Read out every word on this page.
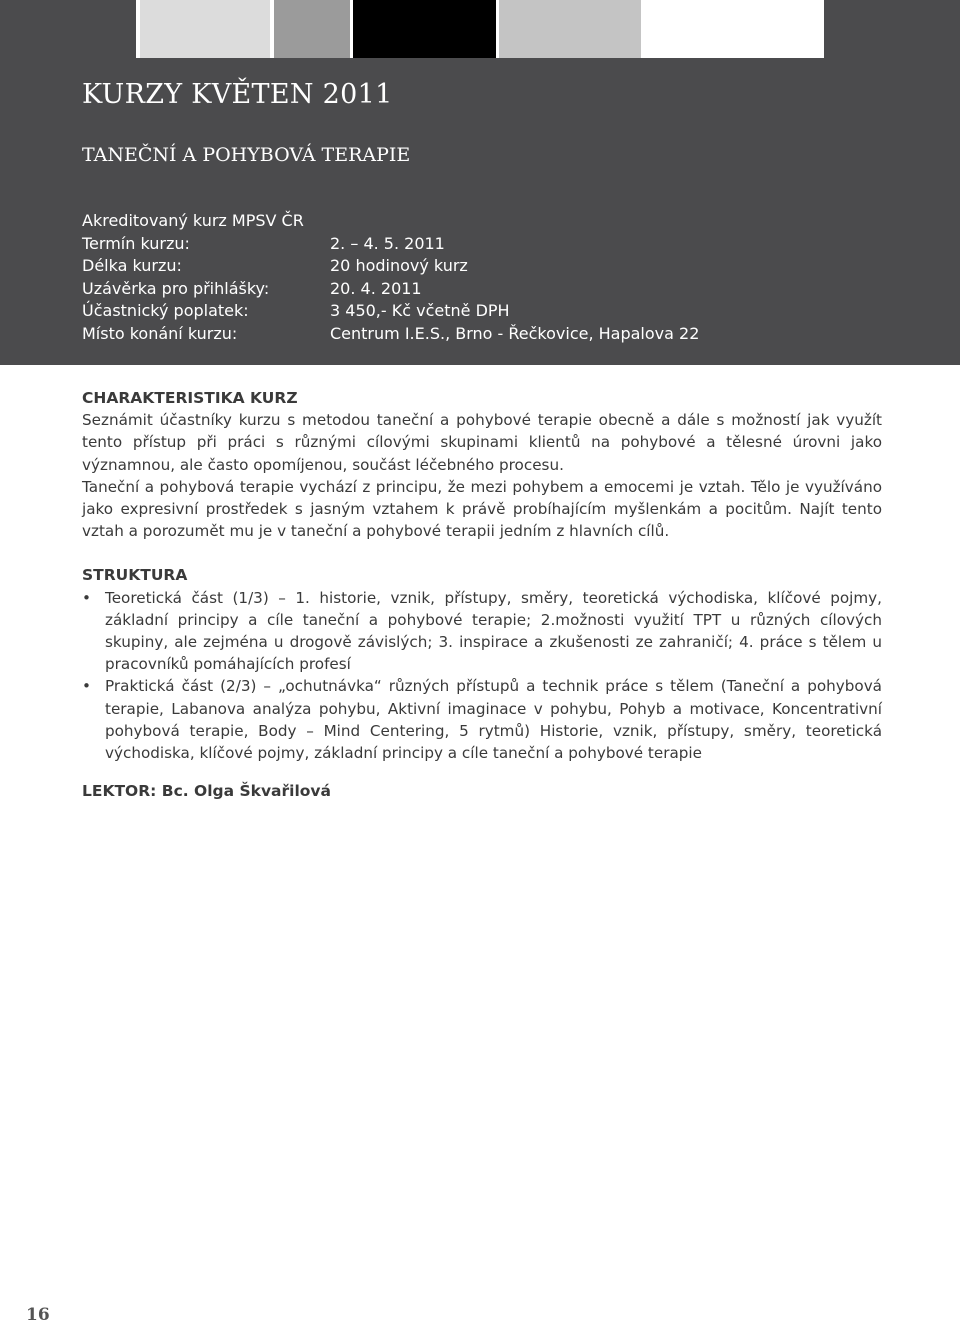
KURZY KVĚTEN 2011
TANEČNÍ A POHYBOVÁ TERAPIE
Akreditovaný kurz MPSV ČR
Termín kurzu:	2. – 4. 5. 2011
Délka kurzu:	20 hodinový kurz
Uzávěrka pro přihlášky:	20. 4. 2011
Účastnický poplatek:	3 450,- Kč včetně DPH
Místo konání kurzu:	Centrum I.E.S., Brno - Řečkovice, Hapalova 22
CHARAKTERISTIKA KURZ

Seznámit účastníky kurzu s metodou taneční a pohybové terapie obecně a dále s možností jak využít tento přístup při práci s různými cílovými skupinami klientů na pohybové a tělesné úrovni jako významnou, ale často opomíjenou, součást léčebného procesu.

Taneční a pohybová terapie vychází z principu, že mezi pohybem a emocemi je vztah. Tělo je využíváno jako expresivní prostředek s jasným vztahem k právě probíhajícím myšlenkám a pocitům. Najít tento vztah a porozumět mu je v taneční a pohybové terapii jedním z hlavních cílů.

STRUKTURA
• Teoretická část (1/3) – 1. historie, vznik, přístupy, směry, teoretická východiska, klíčové pojmy, základní principy a cíle taneční a pohybové terapie; 2.možnosti využití TPT u různých cílových skupiny, ale zejména u drogově závislých; 3. inspirace a zkušenosti ze zahraničí; 4. práce s tělem u pracovníků pomáhajících profesí
• Praktická část (2/3) – „ochutnávka“ různých přístupů a technik práce s tělem (Taneční a pohybová terapie, Labanova analýza pohybu, Aktivní imaginace v pohybu, Pohyb a motivace, Koncentrativní pohybová terapie, Body – Mind Centering, 5 rytmů) Historie, vznik, přístupy, směry, teoretická východiska, klíčové pojmy, základní principy a cíle taneční a pohybové terapie
LEKTOR: Bc. Olga Škvařilová
16
